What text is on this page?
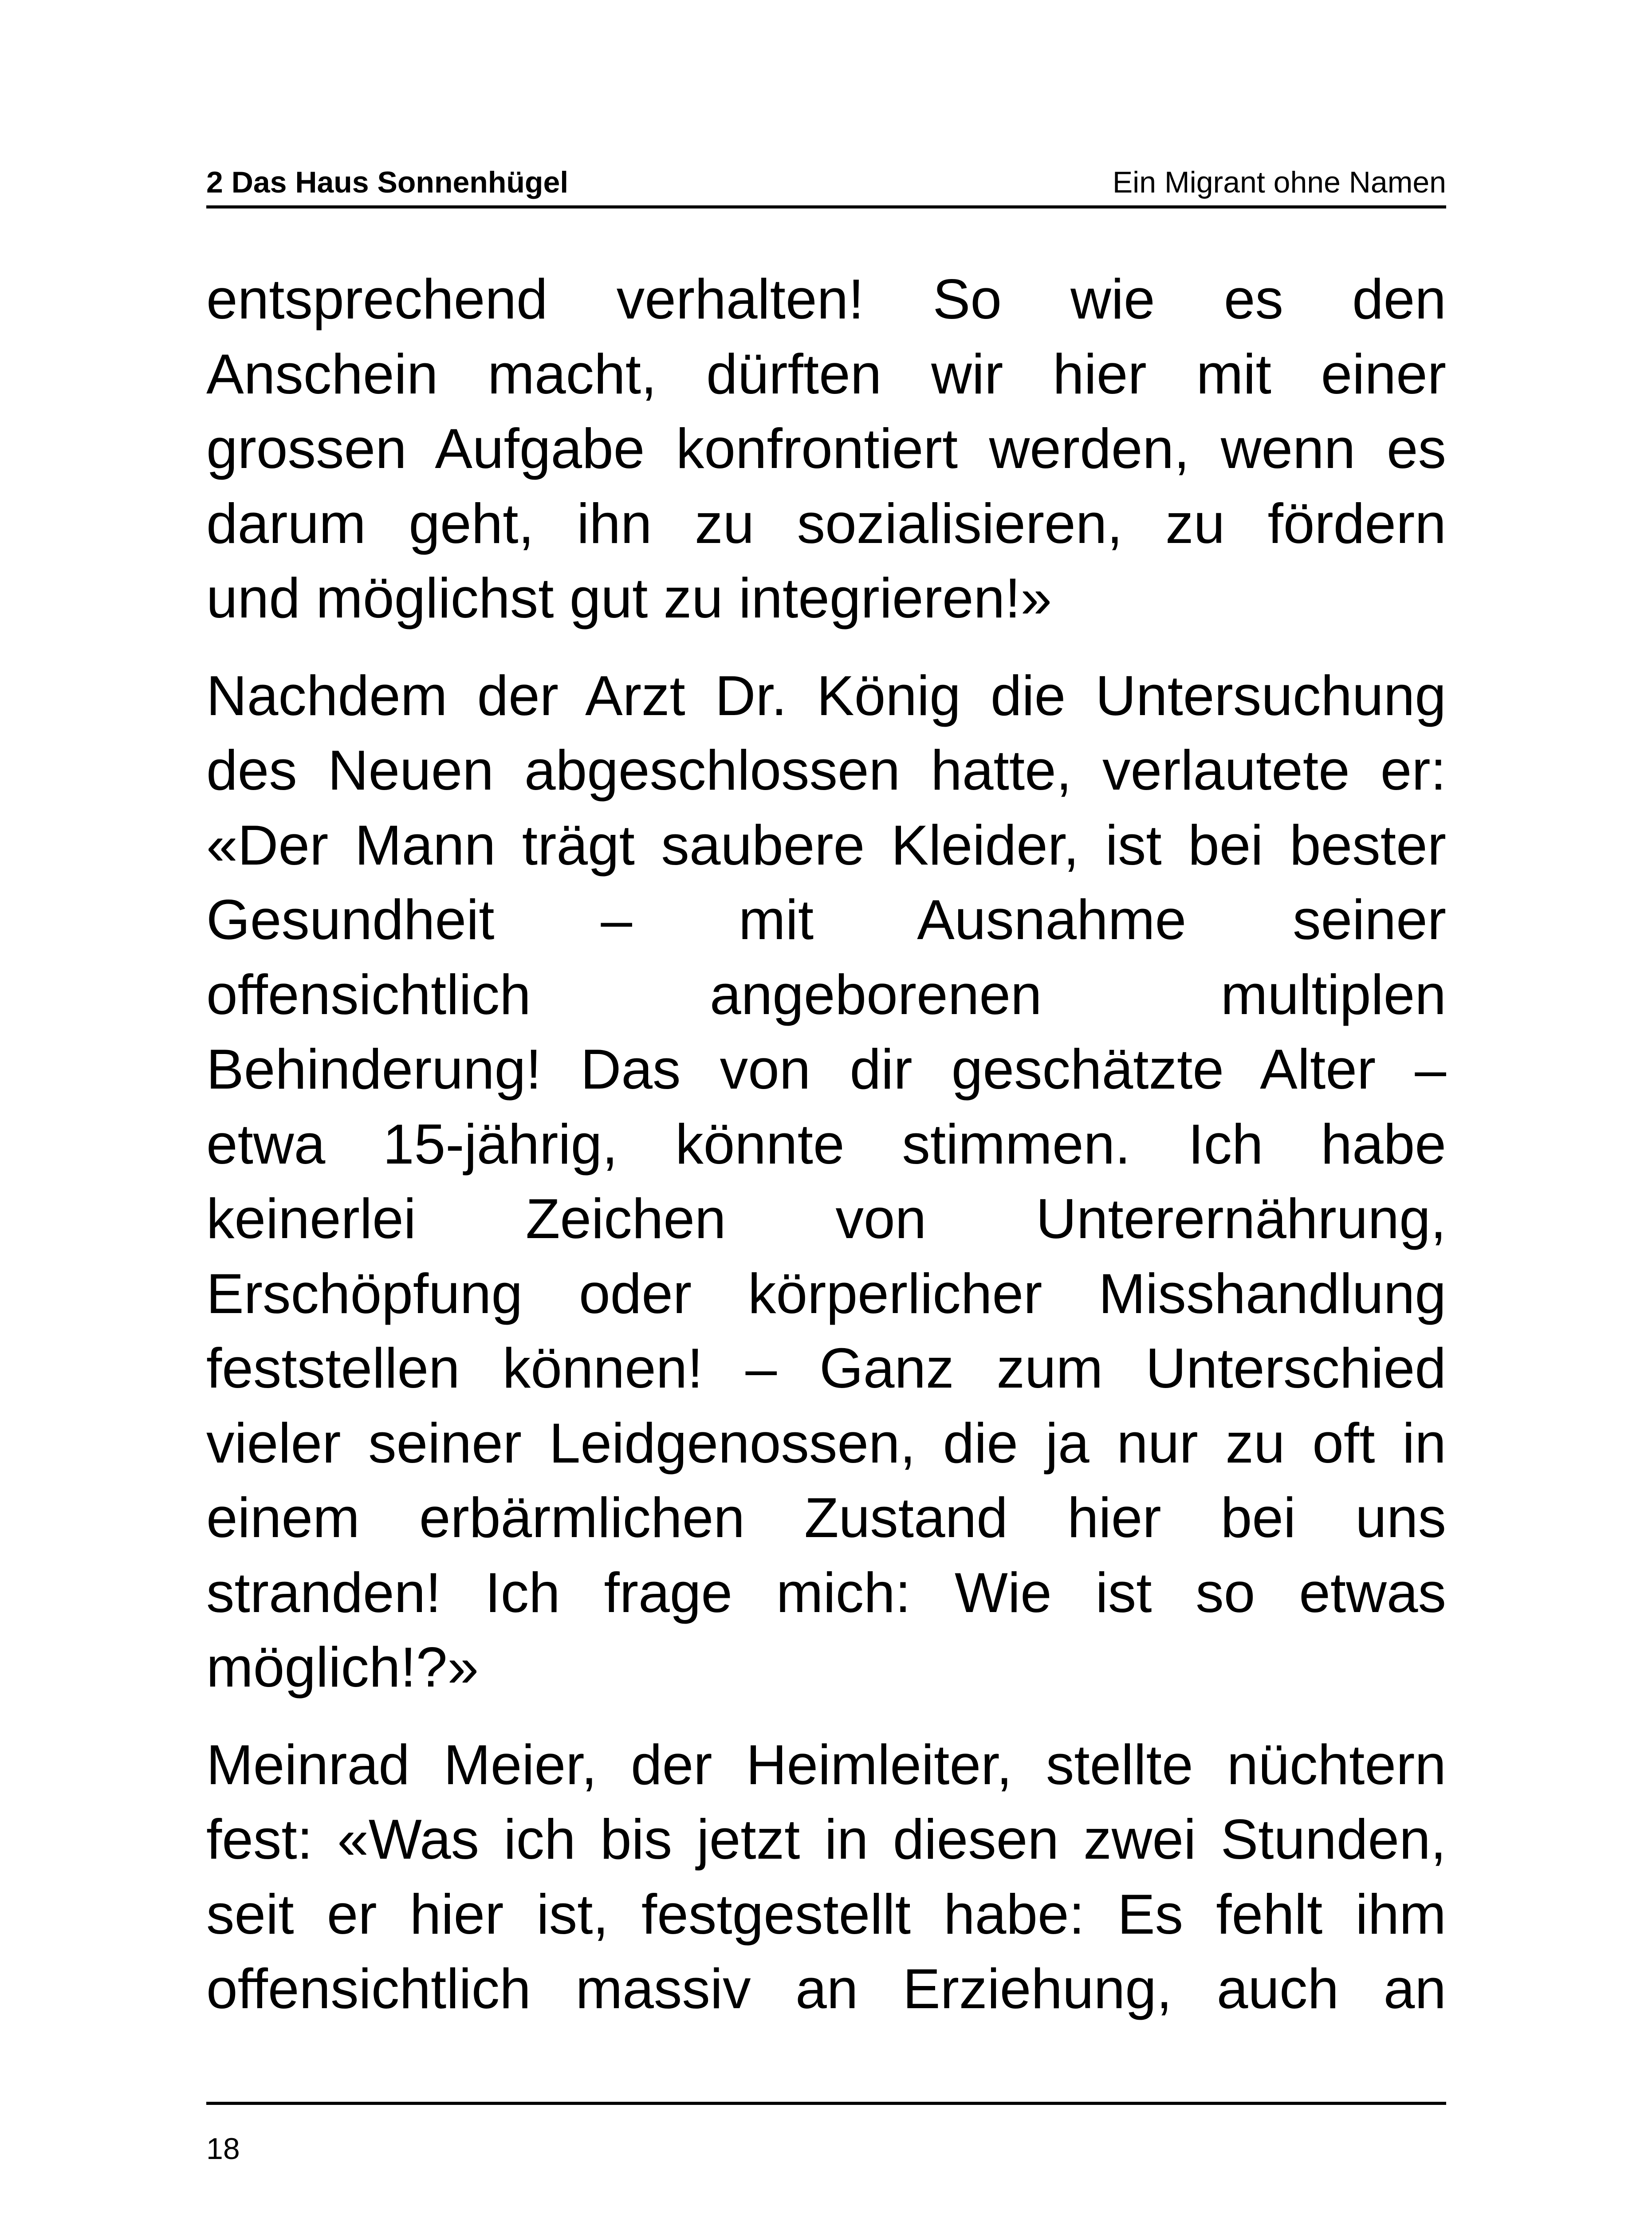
2 Das Haus Sonnenhügel	Ein Migrant ohne Namen
entsprechend verhalten! So wie es den
Anschein macht, dürften wir hier mit einer
grossen Aufgabe konfrontiert werden, wenn es
darum geht, ihn zu sozialisieren, zu fördern
und möglichst gut zu integrieren!»
Nachdem der Arzt Dr. König die Untersuchung
des Neuen abgeschlossen hatte, verlautete er:
«Der Mann trägt saubere Kleider, ist bei bester
Gesundheit – mit Ausnahme seiner
offensichtlich angeborenen multiplen
Behinderung! Das von dir geschätzte Alter –
etwa 15-jährig, könnte stimmen. Ich habe
keinerlei Zeichen von Unterernährung,
Erschöpfung oder körperlicher Misshandlung
feststellen können! – Ganz zum Unterschied
vieler seiner Leidgenossen, die ja nur zu oft in
einem erbärmlichen Zustand hier bei uns
stranden! Ich frage mich: Wie ist so etwas
möglich!?»
Meinrad Meier, der Heimleiter, stellte nüchtern
fest: «Was ich bis jetzt in diesen zwei Stunden,
seit er hier ist, festgestellt habe: Es fehlt ihm
offensichtlich massiv an Erziehung, auch an
18
